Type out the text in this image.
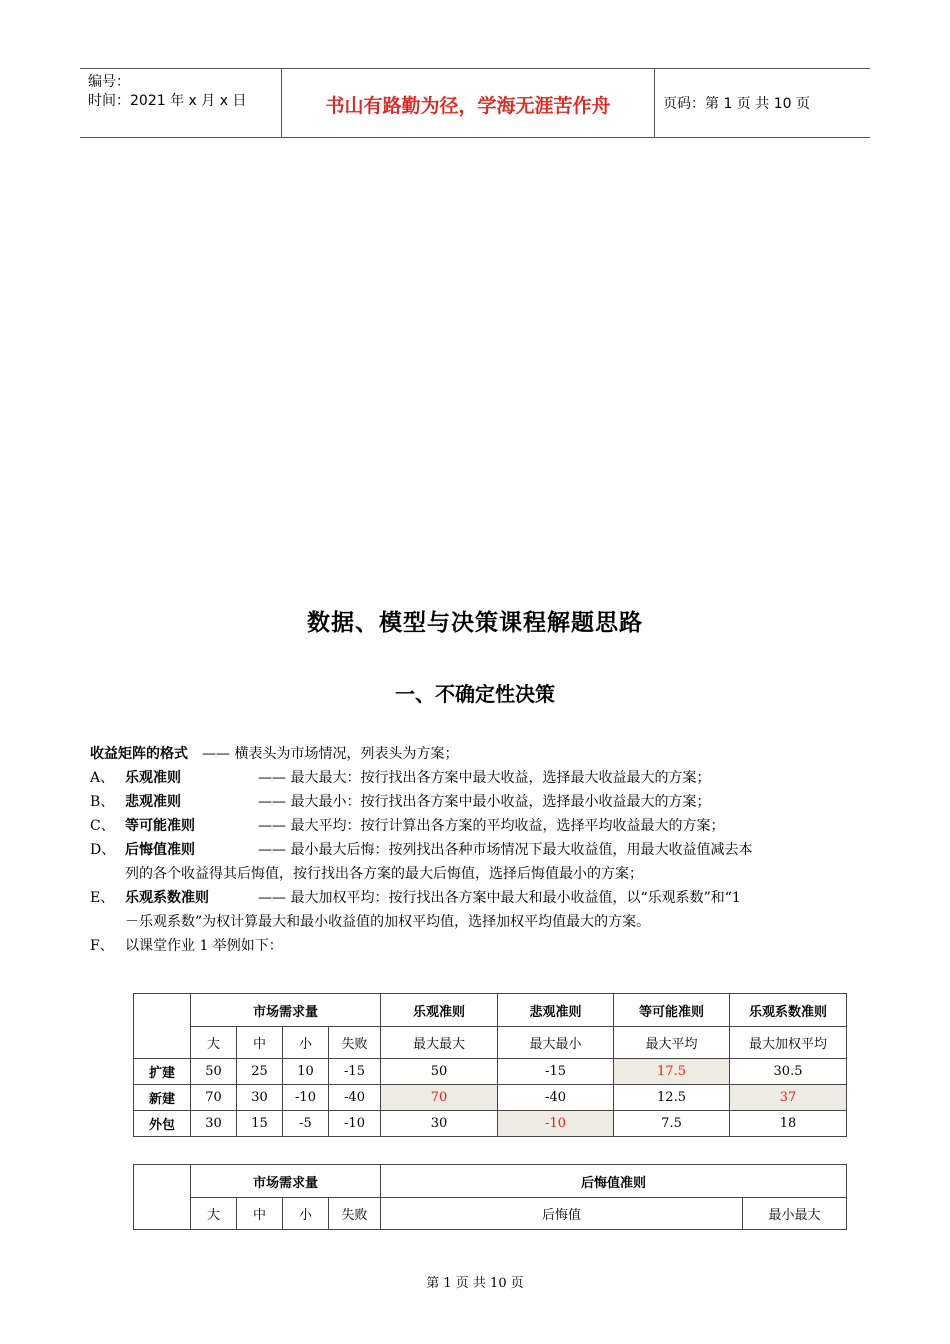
编号：
时间：2021 年 x 月 x 日	书山有路勤为径，学海无涯苦作舟	页码：第 1 页 共 10 页
数据、模型与决策课程解题思路
一、不确定性决策
收益矩阵的格式 —— 横表头为市场情况，列表头为方案；
A、 乐观准则	—— 最大最大：按行找出各方案中最大收益，选择最大收益最大的方案；
B、 悲观准则	—— 最大最小：按行找出各方案中最小收益，选择最小收益最大的方案；
C、 等可能准则	—— 最大平均：按行计算出各方案的平均收益，选择平均收益最大的方案；
D、 后悔值准则	—— 最小最大后悔：按列找出各种市场情况下最大收益值，用最大收益值减去本
列的各个收益得其后悔值，按行找出各方案的最大后悔值，选择后悔值最小的方案；
E、 乐观系数准则	—— 最大加权平均：按行找出各方案中最大和最小收益值，以“乐观系数”和“1
－乐观系数”为权计算最大和最小收益值的加权平均值，选择加权平均值最大的方案。
F、 以课堂作业 1 举例如下：
	市场需求量				乐观准则	悲观准则	等可能准则	乐观系数准则
	大	中	小	失败	最大最大	最大最小	最大平均	最大加权平均
扩建	50	25	10	-15	50	-15	17.5	30.5
新建	70	30	-10	-40	70	-40	12.5	37
外包	30	15	-5	-10	30	-10	7.5	18
	市场需求量				后悔值准则	
	大	中	小	失败	后悔值	最小最大
第 1 页 共 10 页
